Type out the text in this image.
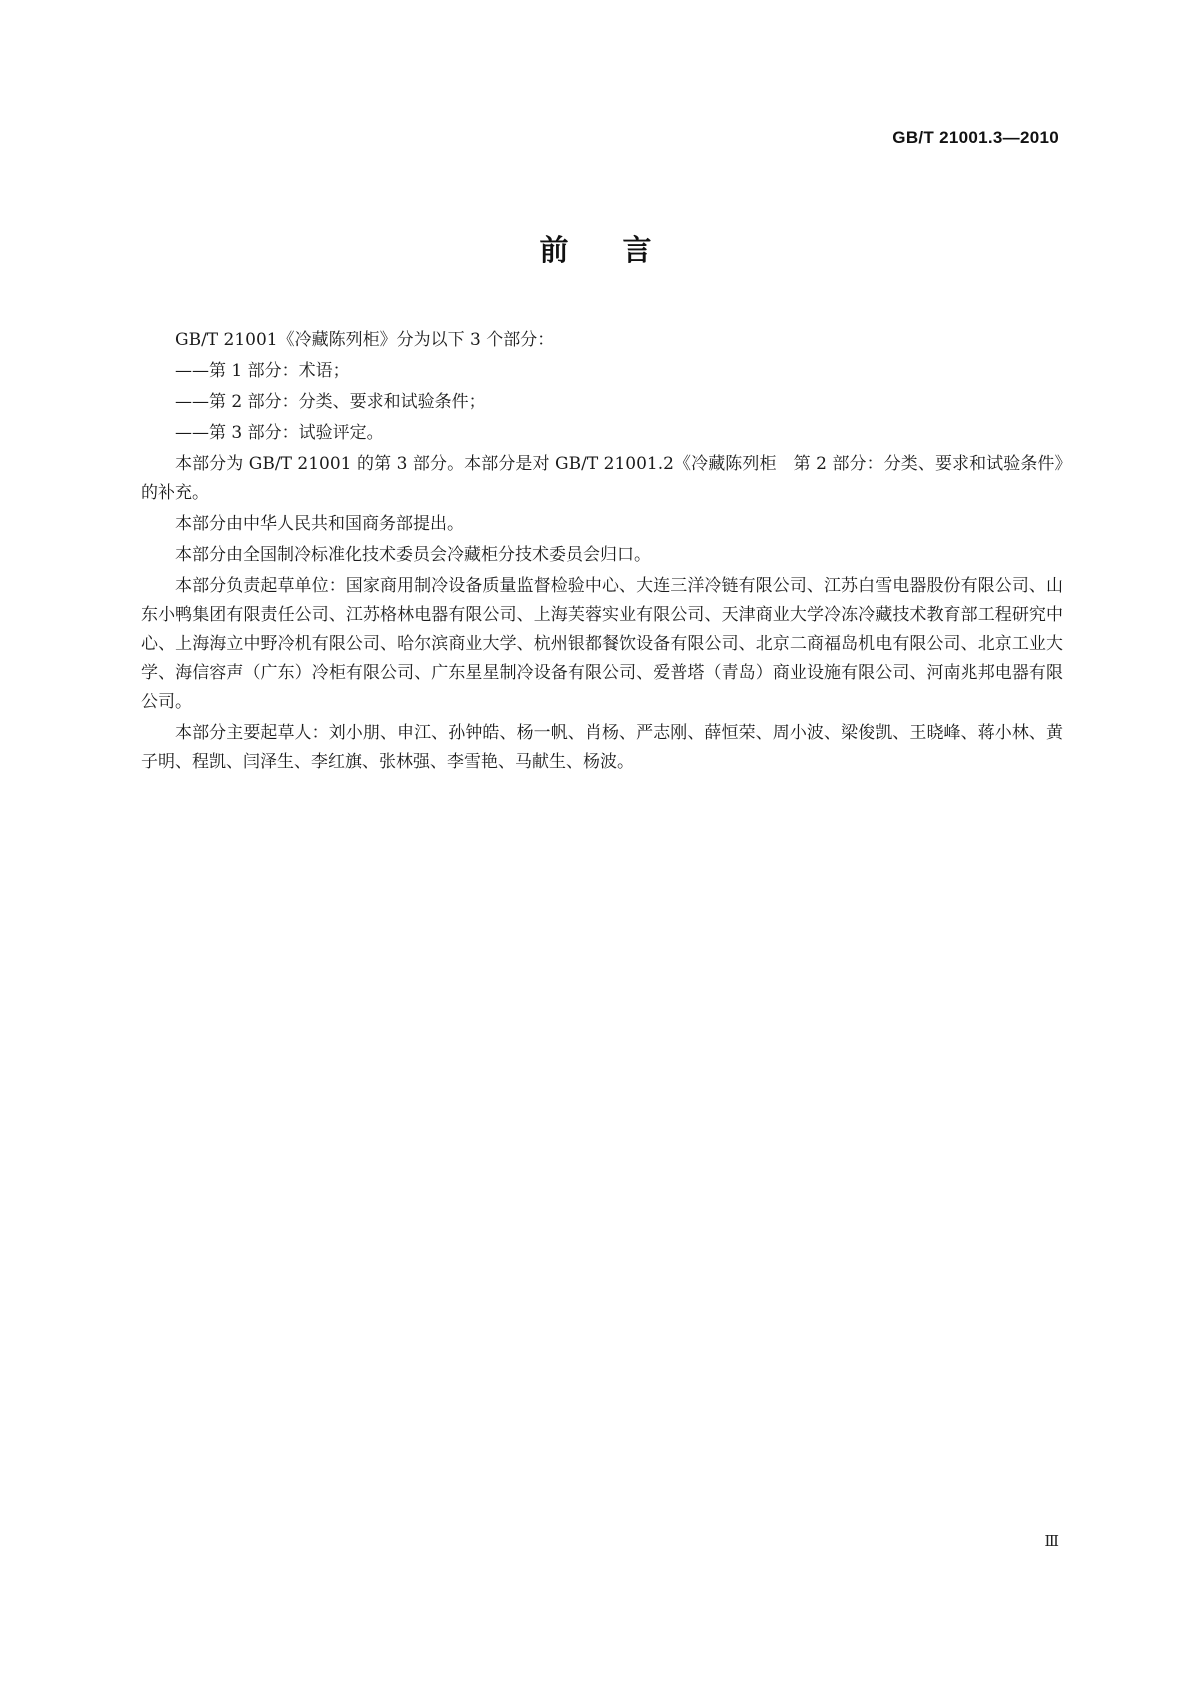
GB/T 21001.3—2010
前言

GB/T 21001《冷藏陈列柜》分为以下 3 个部分：

——第 1 部分：术语；

——第 2 部分：分类、要求和试验条件；

——第 3 部分：试验评定。

本部分为 GB/T 21001 的第 3 部分。本部分是对 GB/T 21001.2《冷藏陈列柜　第 2 部分：分类、要求和试验条件》的补充。

本部分由中华人民共和国商务部提出。

本部分由全国制冷标准化技术委员会冷藏柜分技术委员会归口。

本部分负责起草单位：国家商用制冷设备质量监督检验中心、大连三洋冷链有限公司、江苏白雪电器股份有限公司、山东小鸭集团有限责任公司、江苏格林电器有限公司、上海芙蓉实业有限公司、天津商业大学冷冻冷藏技术教育部工程研究中心、上海海立中野冷机有限公司、哈尔滨商业大学、杭州银都餐饮设备有限公司、北京二商福岛机电有限公司、北京工业大学、海信容声（广东）冷柜有限公司、广东星星制冷设备有限公司、爱普塔（青岛）商业设施有限公司、河南兆邦电器有限公司。

本部分主要起草人：刘小朋、申江、孙钟皓、杨一帆、肖杨、严志刚、薛恒荣、周小波、梁俊凯、王晓峰、蒋小林、黄子明、程凯、闫泽生、李红旗、张林强、李雪艳、马献生、杨波。

Ⅲ
